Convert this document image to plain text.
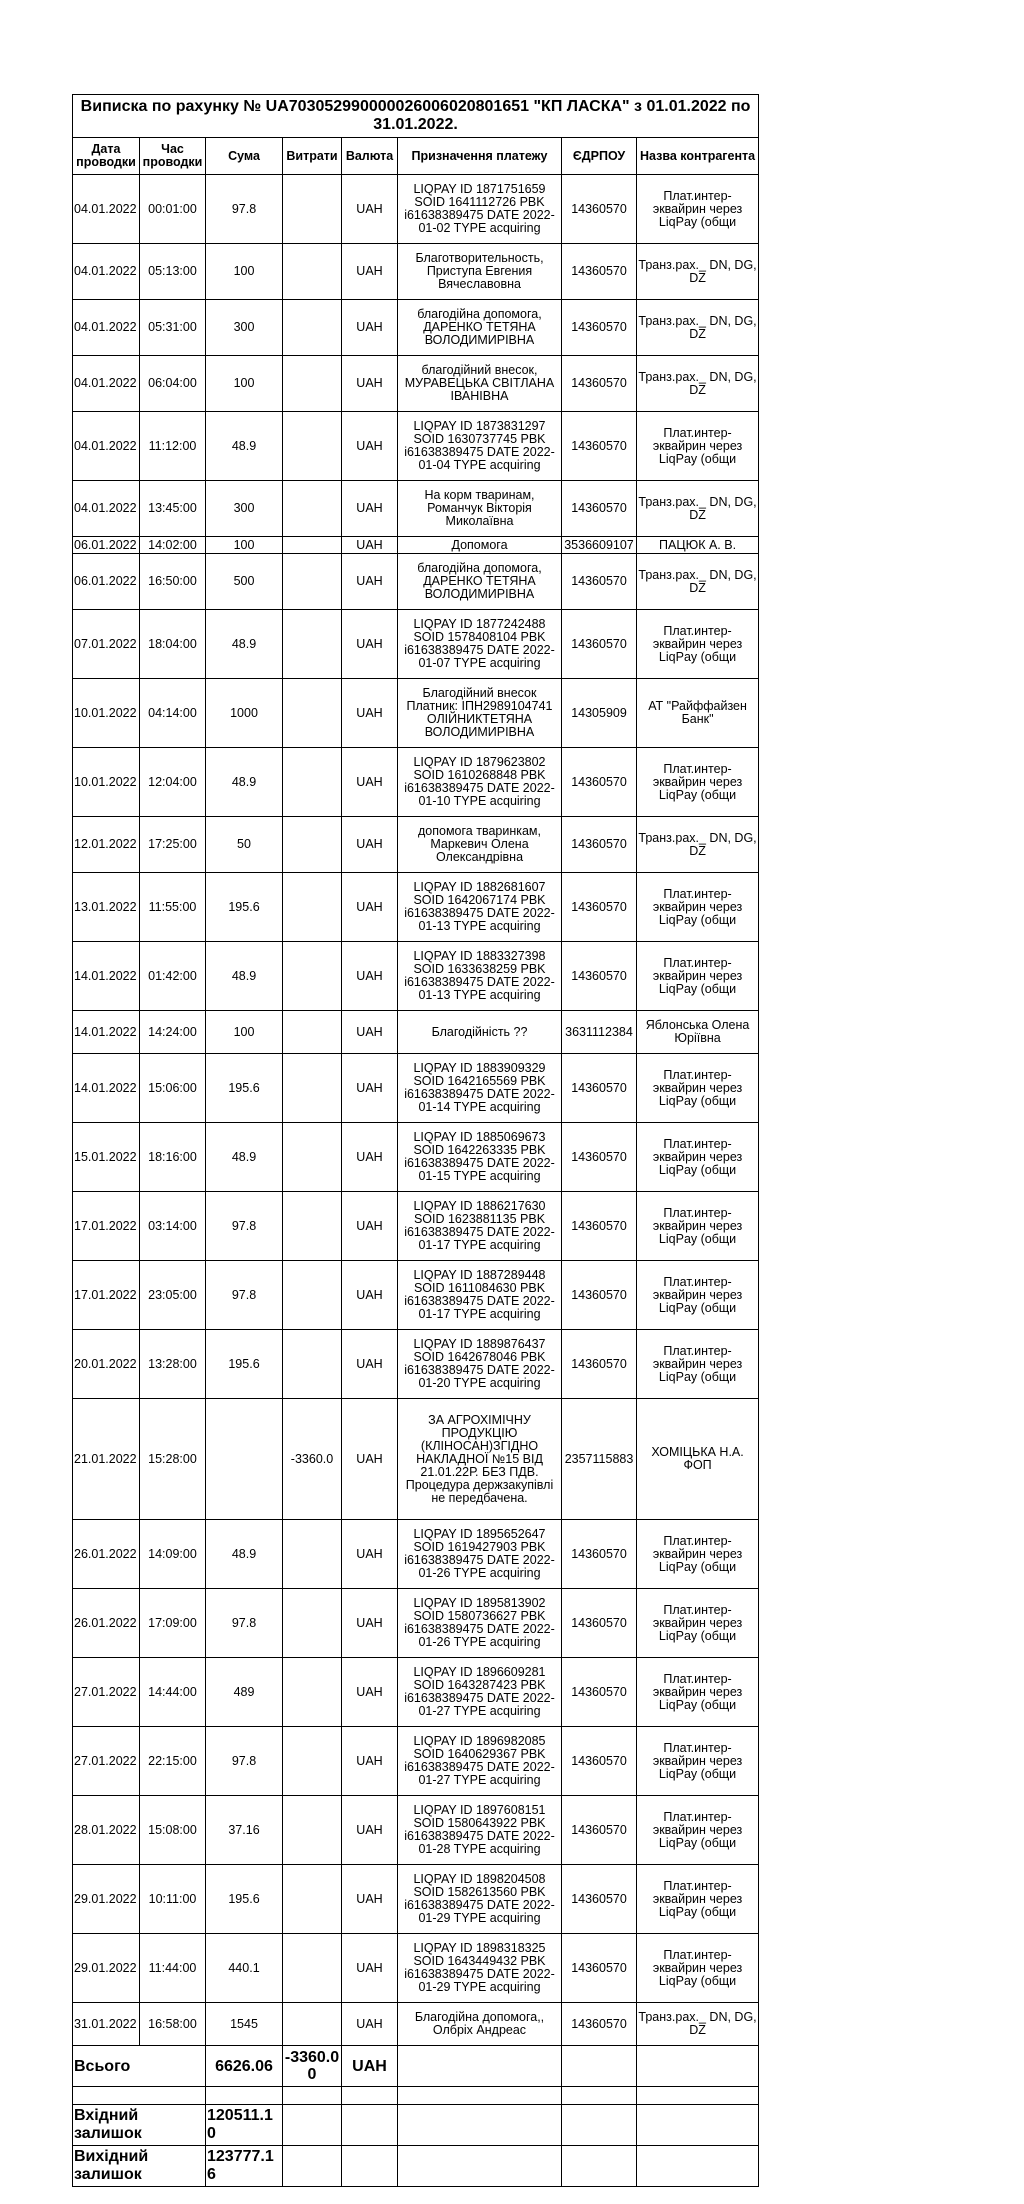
Виписка по рахунку № UA703052990000026006020801651 "КП ЛАСКА" з 01.01.2022 по 31.01.2022.							
Дата проводки	Час проводки	Сума	Витрати	Валюта	Призначення платежу	ЄДРПОУ	Назва контрагента
04.01.2022	00:01:00	97.8		UAH	LIQPAY ID 1871751659 SOID 1641112726 PBK i6163838947​5 DATE 2022-01-02 TYPE acquiring	14360570	Плат.интер-эквайрин через LiqPay (общи
04.01.2022	05:13:00	100		UAH	Благотворительность, Приступа Евгения Вячеславовна	14360570	Транз.рах._ DN, DG, DZ
04.01.2022	05:31:00	300		UAH	благодійна допомога, ДАРЕНКО ТЕТЯНА ВОЛОДИМИРІВНА	14360570	Транз.рах._ DN, DG, DZ
04.01.2022	06:04:00	100		UAH	благодійний внесок, МУРАВЕЦЬКА СВІТЛАНА ІВАНІВНА	14360570	Транз.рах._ DN, DG, DZ
04.01.2022	11:12:00	48.9		UAH	LIQPAY ID 1873831297 SOID 1630737745 PBK i6163838947​5 DATE 2022-01-04 TYPE acquiring	14360570	Плат.интер-эквайрин через LiqPay (общи
04.01.2022	13:45:00	300		UAH	На корм тваринам, Романчук Вікторія Миколаївна	14360570	Транз.рах._ DN, DG, DZ
06.01.2022	14:02:00	100		UAH	Допомога	3536609107	ПАЦЮК А. В.
06.01.2022	16:50:00	500		UAH	благодійна допомога, ДАРЕНКО ТЕТЯНА ВОЛОДИМИРІВНА	14360570	Транз.рах._ DN, DG, DZ
07.01.2022	18:04:00	48.9		UAH	LIQPAY ID 1877242488 SOID 1578408104 PBK i6163838947​5 DATE 2022-01-07 TYPE acquiring	14360570	Плат.интер-эквайрин через LiqPay (общи
10.01.2022	04:14:00	1000		UAH	Благодійний внесок Платник: ІПН2989104741 ОЛІЙНИКТЕТЯНА ВОЛОДИМИРІВНА	14305909	АТ "Райффайзен Банк"
10.01.2022	12:04:00	48.9		UAH	LIQPAY ID 1879623802 SOID 1610268848 PBK i6163838947​5 DATE 2022-01-10 TYPE acquiring	14360570	Плат.интер-эквайрин через LiqPay (общи
12.01.2022	17:25:00	50		UAH	допомога тваринкам, Маркевич Олена Олександрівна	14360570	Транз.рах._ DN, DG, DZ
13.01.2022	11:55:00	195.6		UAH	LIQPAY ID 1882681607 SOID 1642067174 PBK i6163838947​5 DATE 2022-01-13 TYPE acquiring	14360570	Плат.интер-эквайрин через LiqPay (общи
14.01.2022	01:42:00	48.9		UAH	LIQPAY ID 1883327398 SOID 1633638259 PBK i6163838947​5 DATE 2022-01-13 TYPE acquiring	14360570	Плат.интер-эквайрин через LiqPay (общи
14.01.2022	14:24:00	100		UAH	Благодійність ??	3631112384	Яблонська Олена Юріївна
14.01.2022	15:06:00	195.6		UAH	LIQPAY ID 1883909329 SOID 1642165569 PBK i6163838947​5 DATE 2022-01-14 TYPE acquiring	14360570	Плат.интер-эквайрин через LiqPay (общи
15.01.2022	18:16:00	48.9		UAH	LIQPAY ID 1885069673 SOID 1642263335 PBK i6163838947​5 DATE 2022-01-15 TYPE acquiring	14360570	Плат.интер-эквайрин через LiqPay (общи
17.01.2022	03:14:00	97.8		UAH	LIQPAY ID 1886217630 SOID 1623881135 PBK i6163838947​5 DATE 2022-01-17 TYPE acquiring	14360570	Плат.интер-эквайрин через LiqPay (общи
17.01.2022	23:05:00	97.8		UAH	LIQPAY ID 1887289448 SOID 1611084630 PBK i6163838947​5 DATE 2022-01-17 TYPE acquiring	14360570	Плат.интер-эквайрин через LiqPay (общи
20.01.2022	13:28:00	195.6		UAH	LIQPAY ID 1889876437 SOID 1642678046 PBK i6163838947​5 DATE 2022-01-20 TYPE acquiring	14360570	Плат.интер-эквайрин через LiqPay (общи
21.01.2022	15:28:00		-3360.0	UAH	ЗА АГРОХІМІЧНУ ПРОДУКЦІЮ (КЛІНОСАН)ЗГІДНО НАКЛАДНОЇ №15 ВІД 21.01.22Р. БЕЗ ПДВ. Процедура держзакупівлі не передбачена.	2357115883	ХОМІЦЬКА Н.А. ФОП
26.01.2022	14:09:00	48.9		UAH	LIQPAY ID 1895652647 SOID 1619427903 PBK i6163838947​5 DATE 2022-01-26 TYPE acquiring	14360570	Плат.интер-эквайрин через LiqPay (общи
26.01.2022	17:09:00	97.8		UAH	LIQPAY ID 1895813902 SOID 1580736627 PBK i6163838947​5 DATE 2022-01-26 TYPE acquiring	14360570	Плат.интер-эквайрин через LiqPay (общи
27.01.2022	14:44:00	489		UAH	LIQPAY ID 1896609281 SOID 1643287423 PBK i6163838947​5 DATE 2022-01-27 TYPE acquiring	14360570	Плат.интер-эквайрин через LiqPay (общи
27.01.2022	22:15:00	97.8		UAH	LIQPAY ID 1896982085 SOID 1640629367 PBK i6163838947​5 DATE 2022-01-27 TYPE acquiring	14360570	Плат.интер-эквайрин через LiqPay (общи
28.01.2022	15:08:00	37.16		UAH	LIQPAY ID 1897608151 SOID 1580643922 PBK i6163838947​5 DATE 2022-01-28 TYPE acquiring	14360570	Плат.интер-эквайрин через LiqPay (общи
29.01.2022	10:11:00	195.6		UAH	LIQPAY ID 1898204508 SOID 1582613560 PBK i6163838947​5 DATE 2022-01-29 TYPE acquiring	14360570	Плат.интер-эквайрин через LiqPay (общи
29.01.2022	11:44:00	440.1		UAH	LIQPAY ID 1898318325 SOID 1643449432 PBK i6163838947​5 DATE 2022-01-29 TYPE acquiring	14360570	Плат.интер-эквайрин через LiqPay (общи
31.01.2022	16:58:00	1545		UAH	Благодійна допомога,, Олбріх Андреас	14360570	Транз.рах._ DN, DG, DZ
Всього		6626.06	-3360.00	UAH			

Вхідний залишок		120511.10					
Вихідний залишок		123777.16					
